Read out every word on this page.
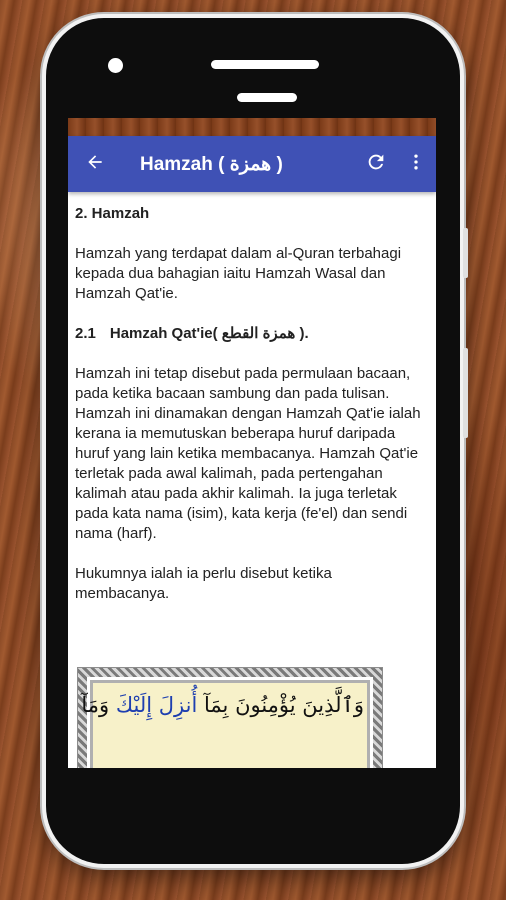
Hamzah ( همزة )
2. Hamzah

Hamzah yang terdapat dalam al-Quran terbahagi kepada dua bahagian iaitu Hamzah Wasal dan Hamzah Qat'ie.

2.1 Hamzah Qat'ie( همزة القطع ).

Hamzah ini tetap disebut pada permulaan bacaan, pada ketika bacaan sambung dan pada tulisan. Hamzah ini dinamakan dengan Hamzah Qat'ie ialah kerana ia memutuskan beberapa huruf daripada huruf yang lain ketika membacanya. Hamzah Qat'ie terletak pada awal kalimah, pada pertengahan kalimah atau pada akhir kalimah. Ia juga terletak pada kata nama (isim), kata kerja (fe'el) dan sendi nama (harf).

Hukumnya ialah ia perlu disebut ketika membacanya.

وَٱلَّذِينَ يُؤْمِنُونَ بِمَآ أُنزِلَ إِلَيْكَ وَمَآ
